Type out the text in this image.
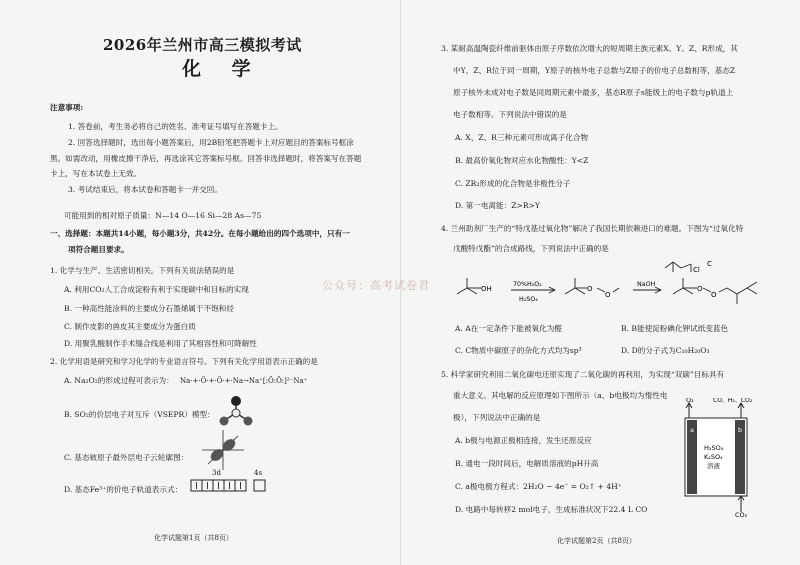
2026年兰州市高三模拟考试
化 学
注意事项:
1. 答卷前，考生务必将自己的姓名、准考证号填写在答题卡上。
2. 回答选择题时，选出每小题答案后，用2B铅笔把答题卡上对应题目的答案标号框涂
黑。如需改动，用橡皮擦干净后，再选涂其它答案标号框。回答非选择题时，将答案写在答题
卡上，写在本试卷上无效。
3. 考试结束后，将本试卷和答题卡一并交回。
可能用到的相对原子质量：N—14 O—16 Si—28 As—75
一、选择题：本题共14小题，每小题3分，共42分。在每小题给出的四个选项中，只有一
项符合题目要求。
1. 化学与生产、生活密切相关。下列有关说法错误的是
A. 利用CO₂人工合成淀粉有利于实现碳中和目标的实现
B. 一种高性能涂料的主要成分石墨烯属于不饱和烃
C. 制作皮影的兽皮其主要成分为蛋白质
D. 用聚乳酸制作手术缝合线是利用了其相容性和可降解性
2. 化学用语是研究和学习化学的专业语言符号。下列有关化学用语表示正确的是
A. Na₂O₂的形成过程可表示为： Na·+·Ö·+·Ö·+·Na→Na⁺[:Ö:Ö:]²⁻Na⁺
B. SO₂的价层电子对互斥（VSEPR）模型：
C. 基态铍原子最外层电子云轮廓图：
D. 基态Fe³⁺的价电子轨道表示式：
3d	4s
化学试题第1页（共8页）
3. 某耐高温陶瓷纤维前驱体由原子序数依次增大的短周期主族元素X、Y、Z、R形成，其
中Y、Z、R位于同一周期，Y原子的核外电子总数与Z原子的价电子总数相等，基态Z
原子核外未成对电子数是同周期元素中最多，基态R原子s能级上的电子数与p轨道上
电子数相等。下列说法中错误的是
A. X、Z、R三种元素可形成离子化合物
B. 最高价氧化物对应水化物酸性：Y<Z
C. ZR₂形成的化合物是非极性分子
D. 第一电离能：Z>R>Y
4. 兰州助剂厂生产的“特戊基过氧化物”解决了我国长期依赖进口的难题。下图为“过氧化特
戊酸特戊酯”的合成路线，下列说法中正确的是
OH	O
O
70%H₂O₂
H₂SO₄
NaOH
Cl
C
O
O
A. A在一定条件下能被氧化为醛	B. B能使淀粉碘化钾试纸变蓝色
C. C物质中碳原子的杂化方式均为sp³	D. D的分子式为C₁₀H₂₀O₃
5. 科学家研究利用二氧化碳电还原实现了二氧化碳的再利用，为实现“双碳”目标具有
重大意义。其电解的反应原理如下图所示（a、b电极均为惰性电
极），下列说法中正确的是
A. b极与电源正极相连接，发生还原反应
B. 通电一段时间后，电解质溶液的pH升高
C. a极电极方程式：2H₂O − 4e⁻ = O₂↑ + 4H⁺
D. 电路中每转移2 mol电子，生成标准状况下22.4 L CO
O₂	CO、H₂、CO₂
a	b
H₂SO₄
K₂SO₄
溶液
CO₂
化学试题第2页（共8页）
公众号：高考试卷君
